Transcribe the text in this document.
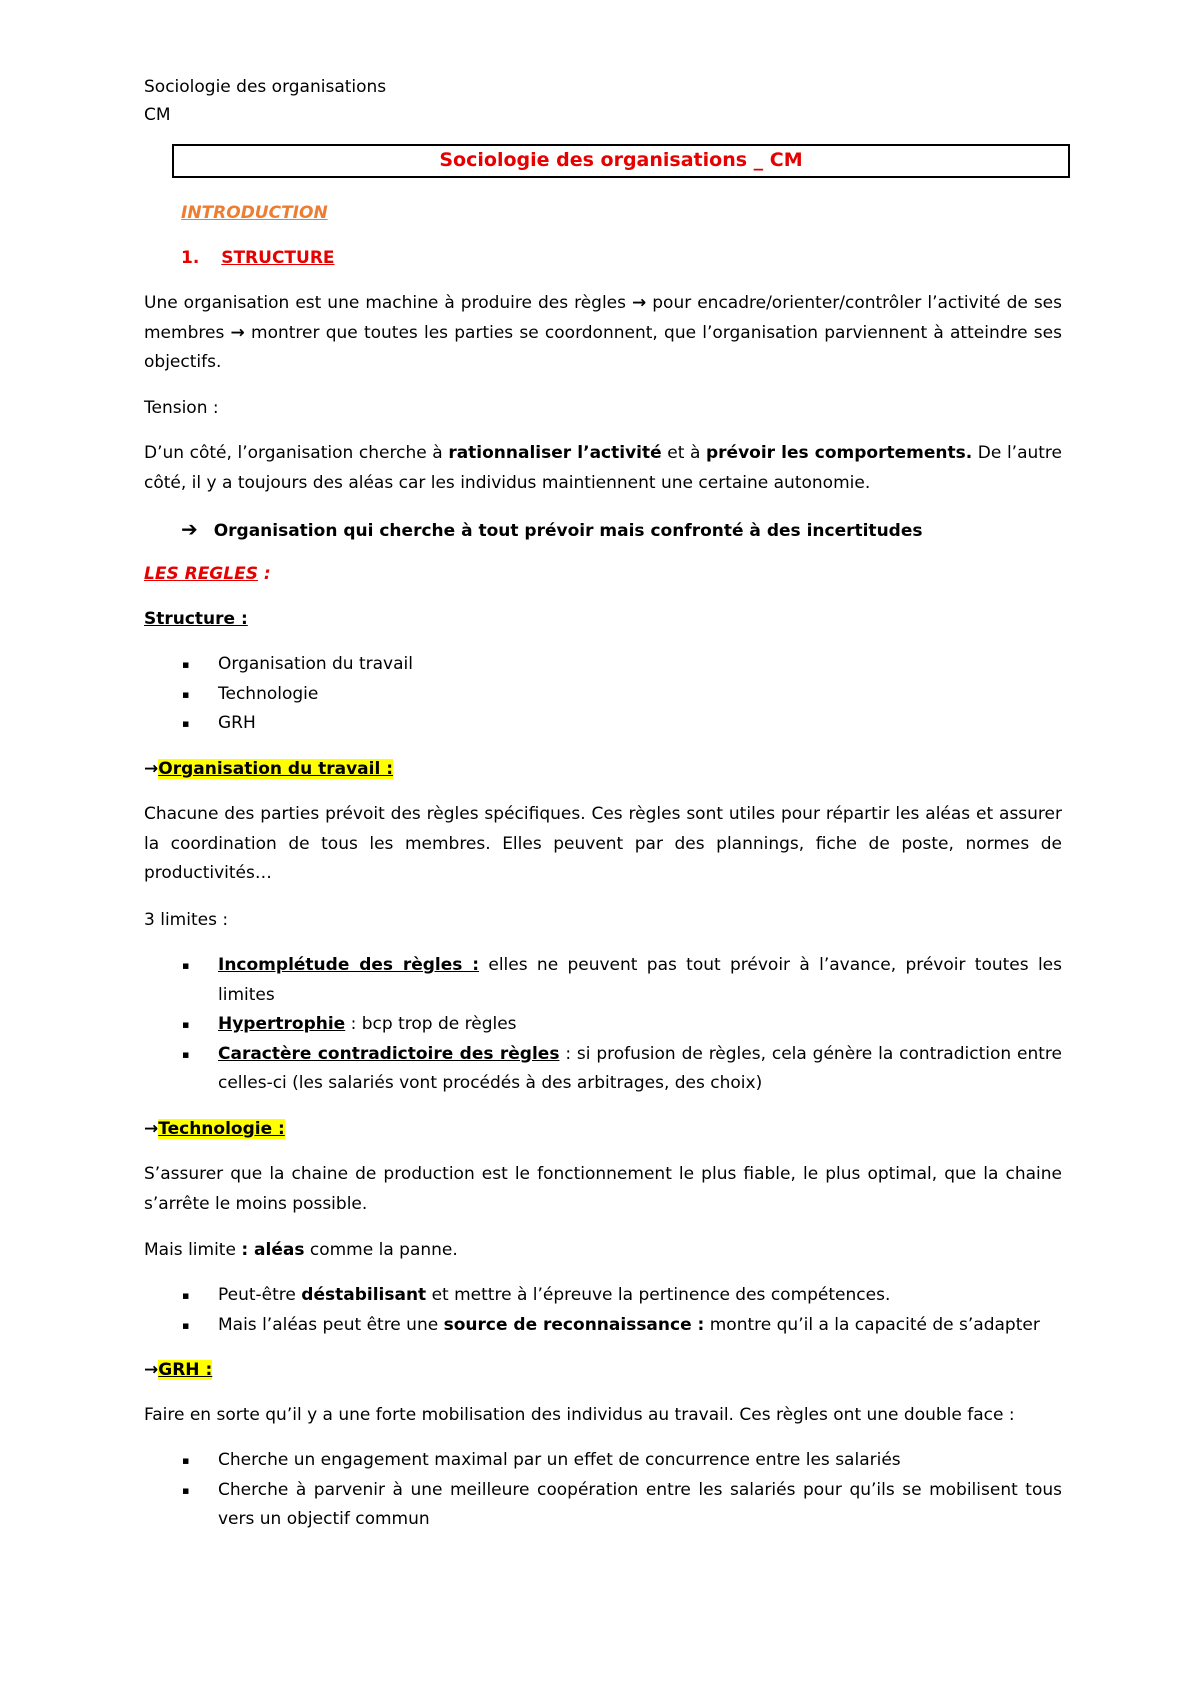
Sociologie des organisations
CM
Sociologie des organisations _ CM
INTRODUCTION
1. STRUCTURE
Une organisation est une machine à produire des règles → pour encadre/orienter/contrôler l’activité de ses membres → montrer que toutes les parties se coordonnent, que l’organisation parviennent à atteindre ses objectifs.
Tension :
D’un côté, l’organisation cherche à rationnaliser l’activité et à prévoir les comportements. De l’autre côté, il y a toujours des aléas car les individus maintiennent une certaine autonomie.
➔ Organisation qui cherche à tout prévoir mais confronté à des incertitudes
LES REGLES :
Structure :
▪ Organisation du travail
▪ Technologie
▪ GRH
→Organisation du travail :
Chacune des parties prévoit des règles spécifiques. Ces règles sont utiles pour répartir les aléas et assurer la coordination de tous les membres. Elles peuvent par des plannings, fiche de poste, normes de productivités…
3 limites :
▪ Incomplétude des règles : elles ne peuvent pas tout prévoir à l’avance, prévoir toutes les limites
▪ Hypertrophie : bcp trop de règles
▪ Caractère contradictoire des règles : si profusion de règles, cela génère la contradiction entre celles-ci (les salariés vont procédés à des arbitrages, des choix)
→Technologie :
S’assurer que la chaine de production est le fonctionnement le plus fiable, le plus optimal, que la chaine s’arrête le moins possible.
Mais limite : aléas comme la panne.
▪ Peut-être déstabilisant et mettre à l’épreuve la pertinence des compétences.
▪ Mais l’aléas peut être une source de reconnaissance : montre qu’il a la capacité de s’adapter
→GRH :
Faire en sorte qu’il y a une forte mobilisation des individus au travail. Ces règles ont une double face :
▪ Cherche un engagement maximal par un effet de concurrence entre les salariés
▪ Cherche à parvenir à une meilleure coopération entre les salariés pour qu’ils se mobilisent tous vers un objectif commun
